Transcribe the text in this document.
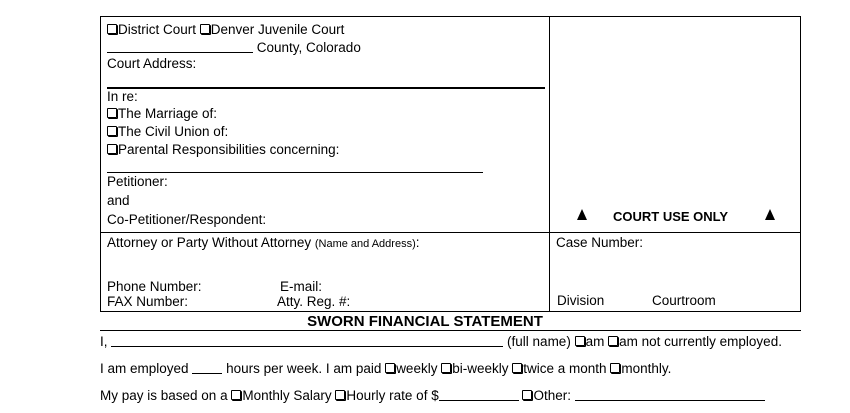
District Court Denver Juvenile Court
County, Colorado
Court Address:
In re:
The Marriage of:
The Civil Union of:
Parental Responsibilities concerning:
Petitioner:
and
Co-Petitioner/Respondent:	COURT USE ONLY
Attorney or Party Without Attorney (Name and Address):
Phone Number:	E-mail:
FAX Number:	Atty. Reg. #:
Case Number:
Division	Courtroom
SWORN FINANCIAL STATEMENT
I,	(full name) am am not currently employed.
I am employed	hours per week. I am paid weekly bi-weekly twice a month monthly.
My pay is based on a Monthly Salary Hourly rate of $	Other:
